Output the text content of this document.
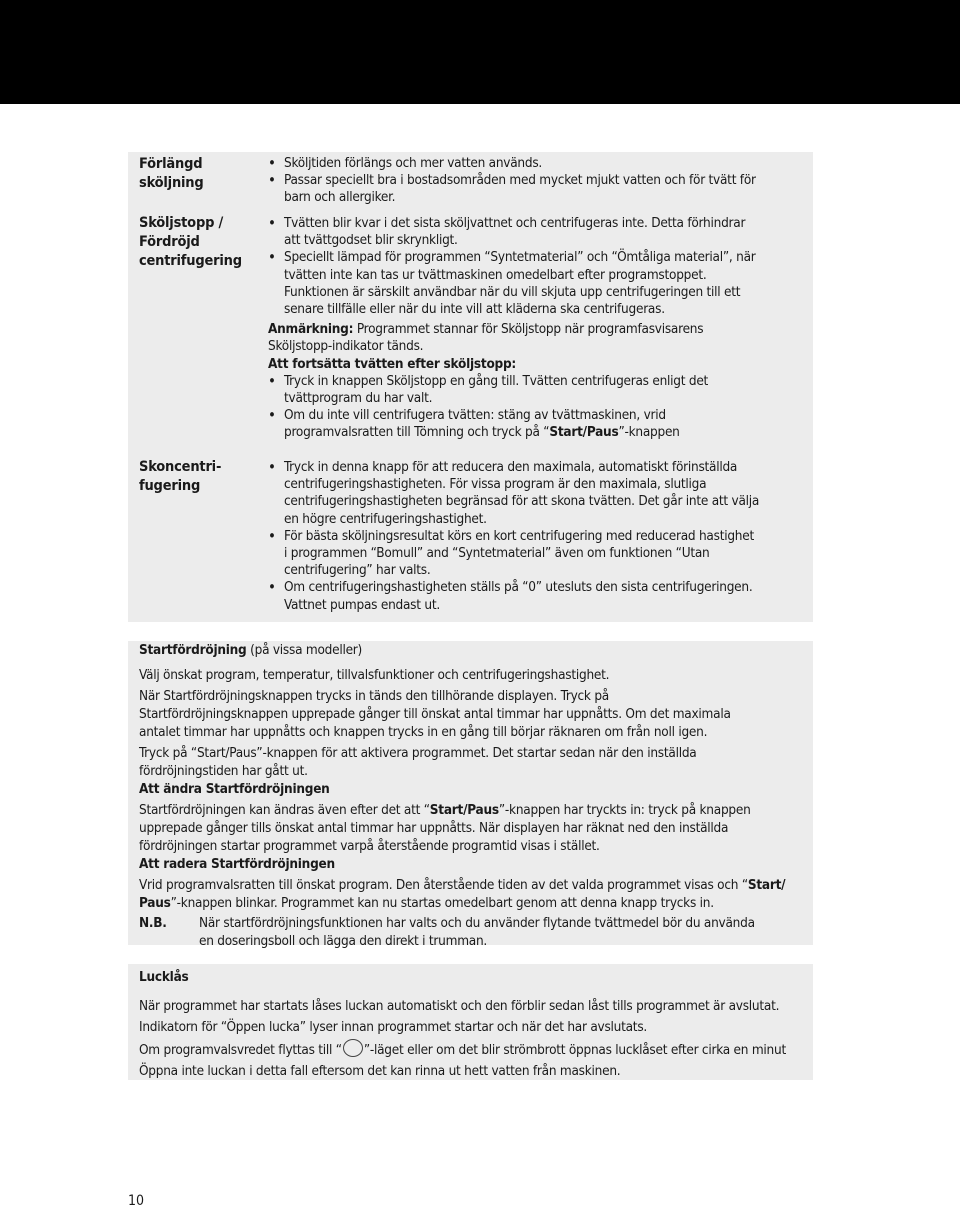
Förlängd sköljning
Sköljstopp / Fördröjd centrifugering
Skoncentri- fugering

• Sköljtiden förlängs och mer vatten används.

• Passar speciellt bra i bostadsområden med mycket mjukt vatten och för tvätt för

barn och allergiker.

• Tvätten blir kvar i det sista sköljvattnet och centrifugeras inte. Detta förhindrar

att tvättgodset blir skrynkligt.

• Speciellt lämpad för programmen “Syntetmaterial” och “Ömtåliga material”, när

tvätten inte kan tas ur tvättmaskinen omedelbart efter programstoppet.

Funktionen är särskilt användbar när du vill skjuta upp centrifugeringen till ett

senare tillfälle eller när du inte vill att kläderna ska centrifugeras.

Anmärkning: Programmet stannar för Sköljstopp när programfasvisarens

Sköljstopp-indikator tänds.

Att fortsätta tvätten efter sköljstopp:

• Tryck in knappen Sköljstopp en gång till. Tvätten centrifugeras enligt det

tvättprogram du har valt.

• Om du inte vill centrifugera tvätten: stäng av tvättmaskinen, vrid

programvalsratten till Tömning och tryck på “Start/Paus”-knappen

• Tryck in denna knapp för att reducera den maximala, automatiskt förinställda

centrifugeringshastigheten. För vissa program är den maximala, slutliga

centrifugeringshastigheten begränsad för att skona tvätten. Det går inte att välja

en högre centrifugeringshastighet.

• För bästa sköljningsresultat körs en kort centrifugering med reducerad hastighet

i programmen “Bomull” and “Syntetmaterial” även om funktionen “Utan

centrifugering” har valts.

• Om centrifugeringshastigheten ställs på “0” utesluts den sista centrifugeringen.

Vattnet pumpas endast ut.

Startfördröjning (på vissa modeller)

Välj önskat program, temperatur, tillvalsfunktioner och centrifugeringshastighet.

När Startfördröjningsknappen trycks in tänds den tillhörande displayen. Tryck på

Startfördröjningsknappen upprepade gånger till önskat antal timmar har uppnåtts. Om det maximala

antalet timmar har uppnåtts och knappen trycks in en gång till börjar räknaren om från noll igen.

Tryck på “Start/Paus”-knappen för att aktivera programmet. Det startar sedan när den inställda

fördröjningstiden har gått ut.

Att ändra Startfördröjningen

Startfördröjningen kan ändras även efter det att “Start/Paus”-knappen har tryckts in: tryck på knappen

upprepade gånger tills önskat antal timmar har uppnåtts. När displayen har räknat ned den inställda

fördröjningen startar programmet varpå återstående programtid visas i stället.

Att radera Startfördröjningen

Vrid programvalsratten till önskat program. Den återstående tiden av det valda programmet visas och “Start/

Paus”-knappen blinkar. Programmet kan nu startas omedelbart genom att denna knapp trycks in.

N.B.	När startfördröjningsfunktionen har valts och du använder flytande tvättmedel bör du använda

en doseringsboll och lägga den direkt i trumman.

Lucklås

När programmet har startats låses luckan automatiskt och den förblir sedan låst tills programmet är avslutat.

Indikatorn för “Öppen lucka” lyser innan programmet startar och när det har avslutats.

Om programvalsvredet flyttas till “ ”-läget eller om det blir strömbrott öppnas lucklåset efter cirka en minut

Öppna inte luckan i detta fall eftersom det kan rinna ut hett vatten från maskinen.

10
